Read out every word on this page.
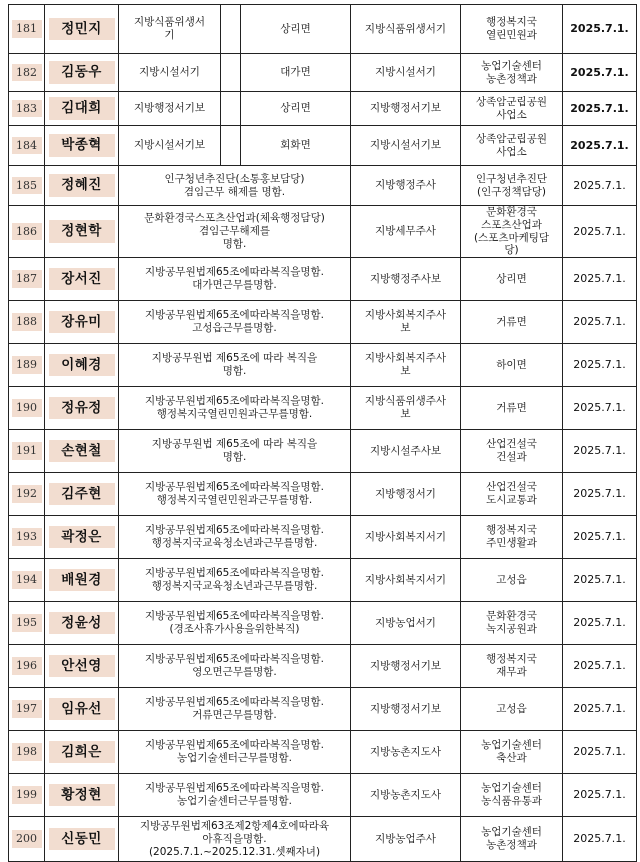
181	정민지	지방식품위생서
기		상리면	지방식품위생서기	행정복지국
열린민원과	2025.7.1.
182	김동우	지방시설서기		대가면	지방시설서기	농업기술센터
농촌정책과	2025.7.1.
183	김대희	지방행정서기보		상리면	지방행정서기보	상족암군립공원
사업소	2025.7.1.
184	박종혁	지방시설서기보		회화면	지방시설서기보	상족암군립공원
사업소	2025.7.1.
185	정혜진	인구청년추진단(소통홍보담당)
겸임근무 해제를 명함.			지방행정주사	인구청년추진단
(인구정책담당)	2025.7.1.
186	정현학	문화환경국스포츠산업과(체육행정담당)
겸임근무해제를
명함.			지방세무주사	문화환경국
스포츠산업과
(스포츠마케팅담
당)	2025.7.1.
187	장서진	지방공무원법제65조에따라복직을명함.
대가면근무를명함.			지방행정주사보	상리면	2025.7.1.
188	장유미	지방공무원법제65조에따라복직을명함.
고성읍근무를명함.			지방사회복지주사
보	거류면	2025.7.1.
189	이혜경	지방공무원법 제65조에 따라 복직을
명함.			지방사회복지주사
보	하이면	2025.7.1.
190	정유정	지방공무원법제65조에따라복직을명함.
행정복지국열린민원과근무를명함.			지방식품위생주사
보	거류면	2025.7.1.
191	손현철	지방공무원법 제65조에 따라 복직을
명함.			지방시설주사보	산업건설국
건설과	2025.7.1.
192	김주현	지방공무원법제65조에따라복직을명함.
행정복지국열린민원과근무를명함.			지방행정서기	산업건설국
도시교통과	2025.7.1.
193	곽정은	지방공무원법제65조에따라복직을명함.
행정복지국교육청소년과근무를명함.			지방사회복지서기	행정복지국
주민생활과	2025.7.1.
194	배원경	지방공무원법제65조에따라복직을명함.
행정복지국교육청소년과근무를명함.			지방사회복지서기	고성읍	2025.7.1.
195	정윤성	지방공무원법제65조에따라복직을명함.
(경조사휴가사용을위한복직)			지방농업서기	문화환경국
녹지공원과	2025.7.1.
196	안선영	지방공무원법제65조에따라복직을명함.
영오면근무를명함.			지방행정서기보	행정복지국
재무과	2025.7.1.
197	임유선	지방공무원법제65조에따라복직을명함.
거류면근무를명함.			지방행정서기보	고성읍	2025.7.1.
198	김희은	지방공무원법제65조에따라복직을명함.
농업기술센터근무를명함.			지방농촌지도사	농업기술센터
축산과	2025.7.1.
199	황정현	지방공무원법제65조에따라복직을명함.
농업기술센터근무를명함.			지방농촌지도사	농업기술센터
농식품유통과	2025.7.1.
200	신동민	지방공무원법제63조제2항제4호에따라육
아휴직을명함.
(2025.7.1.~2025.12.31.셋째자녀)			지방농업주사	농업기술센터
농촌정책과	2025.7.1.
